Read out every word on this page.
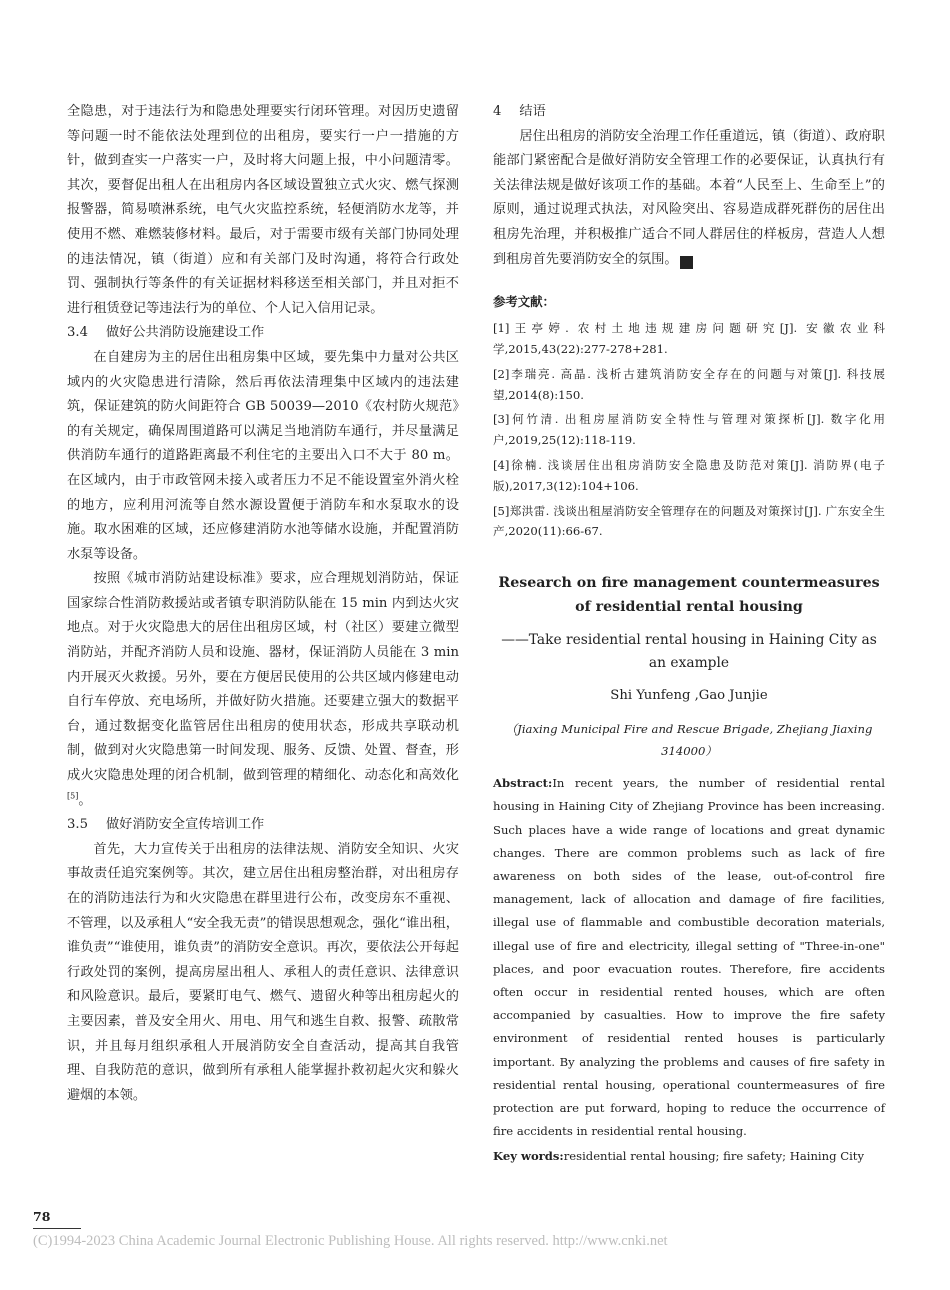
全隐患，对于违法行为和隐患处理要实行闭环管理。对因历史遗留等问题一时不能依法处理到位的出租房，要实行一户一措施的方针，做到查实一户落实一户，及时将大问题上报，中小问题清零。其次，要督促出租人在出租房内各区域设置独立式火灾、燃气探测报警器，简易喷淋系统，电气火灾监控系统，轻便消防水龙等，并使用不燃、难燃装修材料。最后，对于需要市级有关部门协同处理的违法情况，镇（街道）应和有关部门及时沟通，将符合行政处罚、强制执行等条件的有关证据材料移送至相关部门，并且对拒不进行租赁登记等违法行为的单位、个人记入信用记录。

3.4 做好公共消防设施建设工作

在自建房为主的居住出租房集中区域，要先集中力量对公共区域内的火灾隐患进行清除，然后再依法清理集中区域内的违法建筑，保证建筑的防火间距符合 GB 50039—2010《农村防火规范》的有关规定，确保周围道路可以满足当地消防车通行，并尽量满足供消防车通行的道路距离最不利住宅的主要出入口不大于 80 m。在区域内，由于市政管网未接入或者压力不足不能设置室外消火栓的地方，应利用河流等自然水源设置便于消防车和水泵取水的设施。取水困难的区域，还应修建消防水池等储水设施，并配置消防水泵等设备。

按照《城市消防站建设标准》要求，应合理规划消防站，保证国家综合性消防救援站或者镇专职消防队能在 15 min 内到达火灾地点。对于火灾隐患大的居住出租房区域，村（社区）要建立微型消防站，并配齐消防人员和设施、器材，保证消防人员能在 3 min 内开展灭火救援。另外，要在方便居民使用的公共区域内修建电动自行车停放、充电场所，并做好防火措施。还要建立强大的数据平台，通过数据变化监管居住出租房的使用状态，形成共享联动机制，做到对火灾隐患第一时间发现、服务、反馈、处置、督查，形成火灾隐患处理的闭合机制，做到管理的精细化、动态化和高效化[5]。

3.5 做好消防安全宣传培训工作

首先，大力宣传关于出租房的法律法规、消防安全知识、火灾事故责任追究案例等。其次，建立居住出租房整治群，对出租房存在的消防违法行为和火灾隐患在群里进行公布，改变房东不重视、不管理，以及承租人“安全我无责”的错误思想观念，强化“谁出租，谁负责”“谁使用，谁负责”的消防安全意识。再次，要依法公开每起行政处罚的案例，提高房屋出租人、承租人的责任意识、法律意识和风险意识。最后，要紧盯电气、燃气、遗留火种等出租房起火的主要因素，普及安全用火、用电、用气和逃生自救、报警、疏散常识，并且每月组织承租人开展消防安全自查活动，提高其自我管理、自我防范的意识，做到所有承租人能掌握扑救初起火灾和躲火避烟的本领。

4 结语

居住出租房的消防安全治理工作任重道远，镇（街道）、政府职能部门紧密配合是做好消防安全管理工作的必要保证，认真执行有关法律法规是做好该项工作的基础。本着“人民至上、生命至上”的原则，通过说理式执法，对风险突出、容易造成群死群伤的居住出租房先治理，并积极推广适合不同人群居住的样板房，营造人人想到租房首先要消防安全的氛围。	S

参考文献：

[1]王亭婷. 农村土地违规建房问题研究[J]. 安徽农业科学,2015,43(22):277-278+281.

[2]李瑞亮. 高晶. 浅析古建筑消防安全存在的问题与对策[J]. 科技展望,2014(8):150.

[3]何竹清. 出租房屋消防安全特性与管理对策探析[J]. 数字化用户,2019,25(12):118-119.

[4]徐楠. 浅谈居住出租房消防安全隐患及防范对策[J]. 消防界(电子版),2017,3(12):104+106.

[5]郑洪雷. 浅谈出租屋消防安全管理存在的问题及对策探讨[J]. 广东安全生产,2020(11):66-67.

Research on fire management countermeasures of residential rental housing

——Take residential rental housing in Haining City as an example

Shi Yunfeng ,Gao Junjie

（Jiaxing Municipal Fire and Rescue Brigade, Zhejiang Jiaxing 314000）

Abstract:In recent years, the number of residential rental housing in Haining City of Zhejiang Province has been increasing. Such places have a wide range of locations and great dynamic changes. There are common problems such as lack of fire awareness on both sides of the lease, out-of-control fire management, lack of allocation and damage of fire facilities, illegal use of flammable and combustible decoration materials, illegal use of fire and electricity, illegal setting of "Three-in-one" places, and poor evacuation routes. Therefore, fire accidents often occur in residential rented houses, which are often accompanied by casualties. How to improve the fire safety environment of residential rented houses is particularly important. By analyzing the problems and causes of fire safety in residential rental housing, operational countermeasures of fire protection are put forward, hoping to reduce the occurrence of fire accidents in residential rental housing.

Key words:residential rental housing; fire safety; Haining City

78
(C)1994-2023 China Academic Journal Electronic Publishing House. All rights reserved. http://www.cnki.net
